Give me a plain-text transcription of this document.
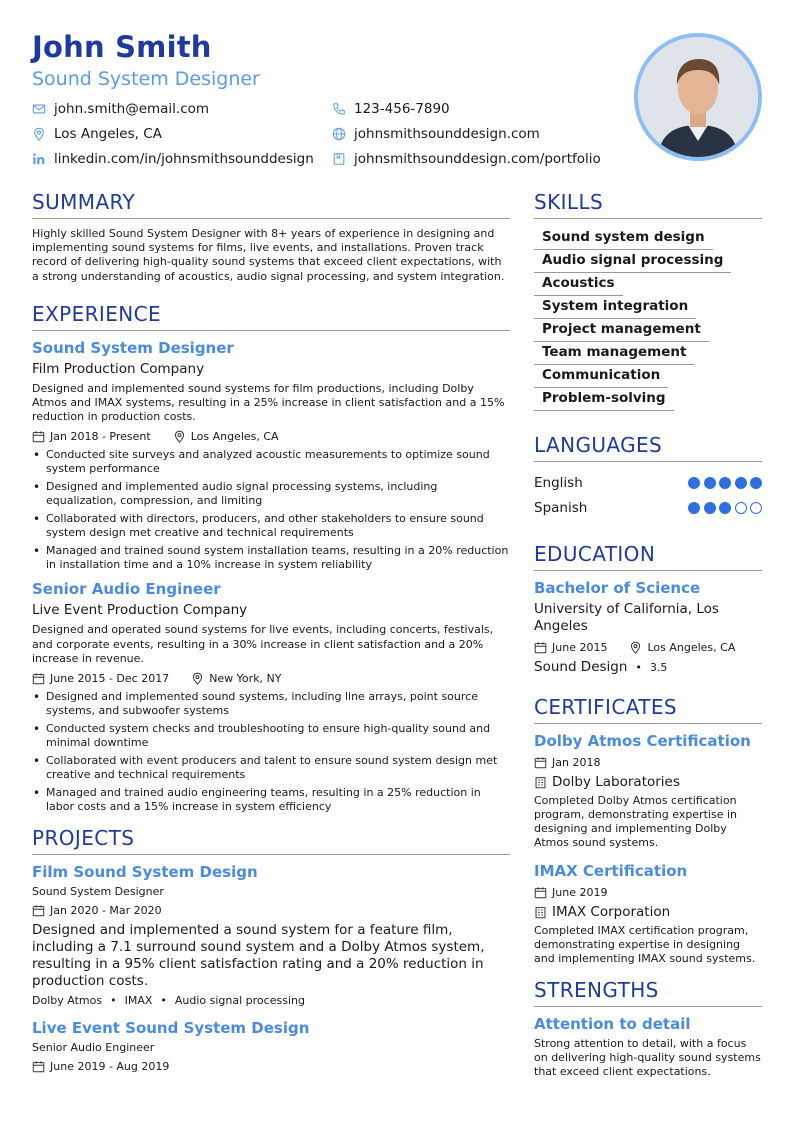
John Smith
Sound System Designer
john.smith@email.com	123-456-7890
Los Angeles, CA	johnsmithsounddesign.com
linkedin.com/in/johnsmithsounddesign	johnsmithsounddesign.com/portfolio
SUMMARY
Highly skilled Sound System Designer with 8+ years of experience in designing and implementing sound systems for films, live events, and installations. Proven track record of delivering high-quality sound systems that exceed client expectations, with a strong understanding of acoustics, audio signal processing, and system integration.
EXPERIENCE
Sound System Designer
Film Production Company
Designed and implemented sound systems for film productions, including Dolby Atmos and IMAX systems, resulting in a 25% increase in client satisfaction and a 15% reduction in production costs.
Jan 2018 - Present	Los Angeles, CA
• Conducted site surveys and analyzed acoustic measurements to optimize sound system performance
• Designed and implemented audio signal processing systems, including equalization, compression, and limiting
• Collaborated with directors, producers, and other stakeholders to ensure sound system design met creative and technical requirements
• Managed and trained sound system installation teams, resulting in a 20% reduction in installation time and a 10% increase in system reliability
Senior Audio Engineer
Live Event Production Company
Designed and operated sound systems for live events, including concerts, festivals, and corporate events, resulting in a 30% increase in client satisfaction and a 20% increase in revenue.
June 2015 - Dec 2017	New York, NY
• Designed and implemented sound systems, including line arrays, point source systems, and subwoofer systems
• Conducted system checks and troubleshooting to ensure high-quality sound and minimal downtime
• Collaborated with event producers and talent to ensure sound system design met creative and technical requirements
• Managed and trained audio engineering teams, resulting in a 25% reduction in labor costs and a 15% increase in system efficiency
PROJECTS
Film Sound System Design
Sound System Designer
Jan 2020 - Mar 2020
Designed and implemented a sound system for a feature film, including a 7.1 surround sound system and a Dolby Atmos system, resulting in a 95% client satisfaction rating and a 20% reduction in production costs.
Dolby Atmos • IMAX • Audio signal processing
Live Event Sound System Design
Senior Audio Engineer
June 2019 - Aug 2019
SKILLS
Sound system design
Audio signal processing
Acoustics
System integration
Project management
Team management
Communication
Problem-solving
LANGUAGES
English
Spanish
EDUCATION
Bachelor of Science
University of California, Los Angeles
June 2015	Los Angeles, CA
Sound Design • 3.5
CERTIFICATES
Dolby Atmos Certification
Jan 2018
Dolby Laboratories
Completed Dolby Atmos certification program, demonstrating expertise in designing and implementing Dolby Atmos sound systems.
IMAX Certification
June 2019
IMAX Corporation
Completed IMAX certification program, demonstrating expertise in designing and implementing IMAX sound systems.
STRENGTHS
Attention to detail
Strong attention to detail, with a focus on delivering high-quality sound systems that exceed client expectations.
